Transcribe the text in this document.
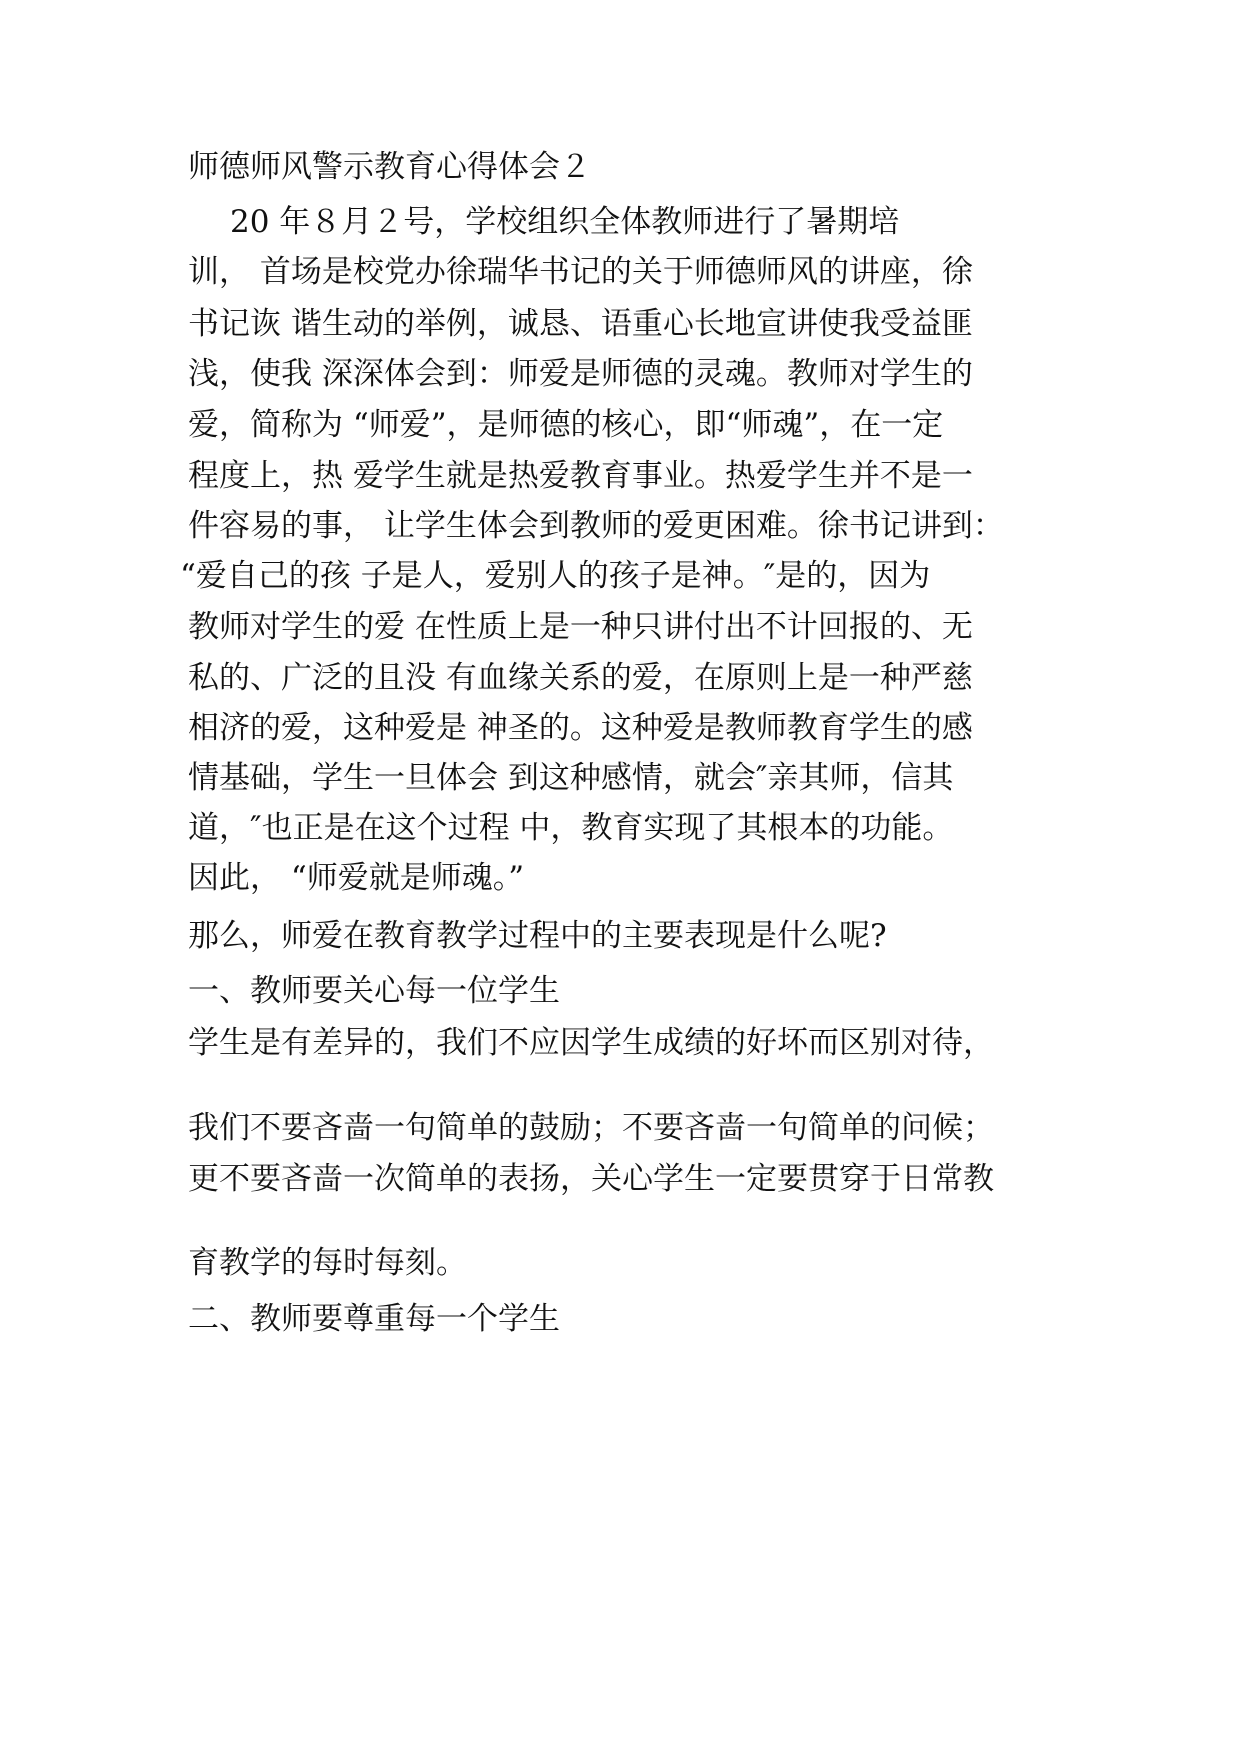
师德师风警示教育心得体会２

20 年８月２号，学校组织全体教师进行了暑期培

训， 首场是校党办徐瑞华书记的关于师德师风的讲座，徐

书记诙 谐生动的举例，诚恳、语重心长地宣讲使我受益匪

浅，使我 深深体会到：师爱是师德的灵魂。教师对学生的

爱，简称为 “师爱”，是师德的核心，即“师魂”，在一定

程度上，热 爱学生就是热爱教育事业。热爱学生并不是一

件容易的事， 让学生体会到教师的爱更困难。徐书记讲到：

“爱自己的孩 子是人，爱别人的孩子是神。″是的，因为

教师对学生的爱 在性质上是一种只讲付出不计回报的、无

私的、广泛的且没 有血缘关系的爱，在原则上是一种严慈

相济的爱，这种爱是 神圣的。这种爱是教师教育学生的感

情基础，学生一旦体会 到这种感情，就会″亲其师，信其

道，″也正是在这个过程 中，教育实现了其根本的功能。

因此， “师爱就是师魂。”

那么，师爱在教育教学过程中的主要表现是什么呢?

一、教师要关心每一位学生

学生是有差异的，我们不应因学生成绩的好坏而区别对待，

我们不要吝啬一句简单的鼓励；不要吝啬一句简单的问候；

更不要吝啬一次简单的表扬，关心学生一定要贯穿于日常教

育教学的每时每刻。

二、教师要尊重每一个学生
